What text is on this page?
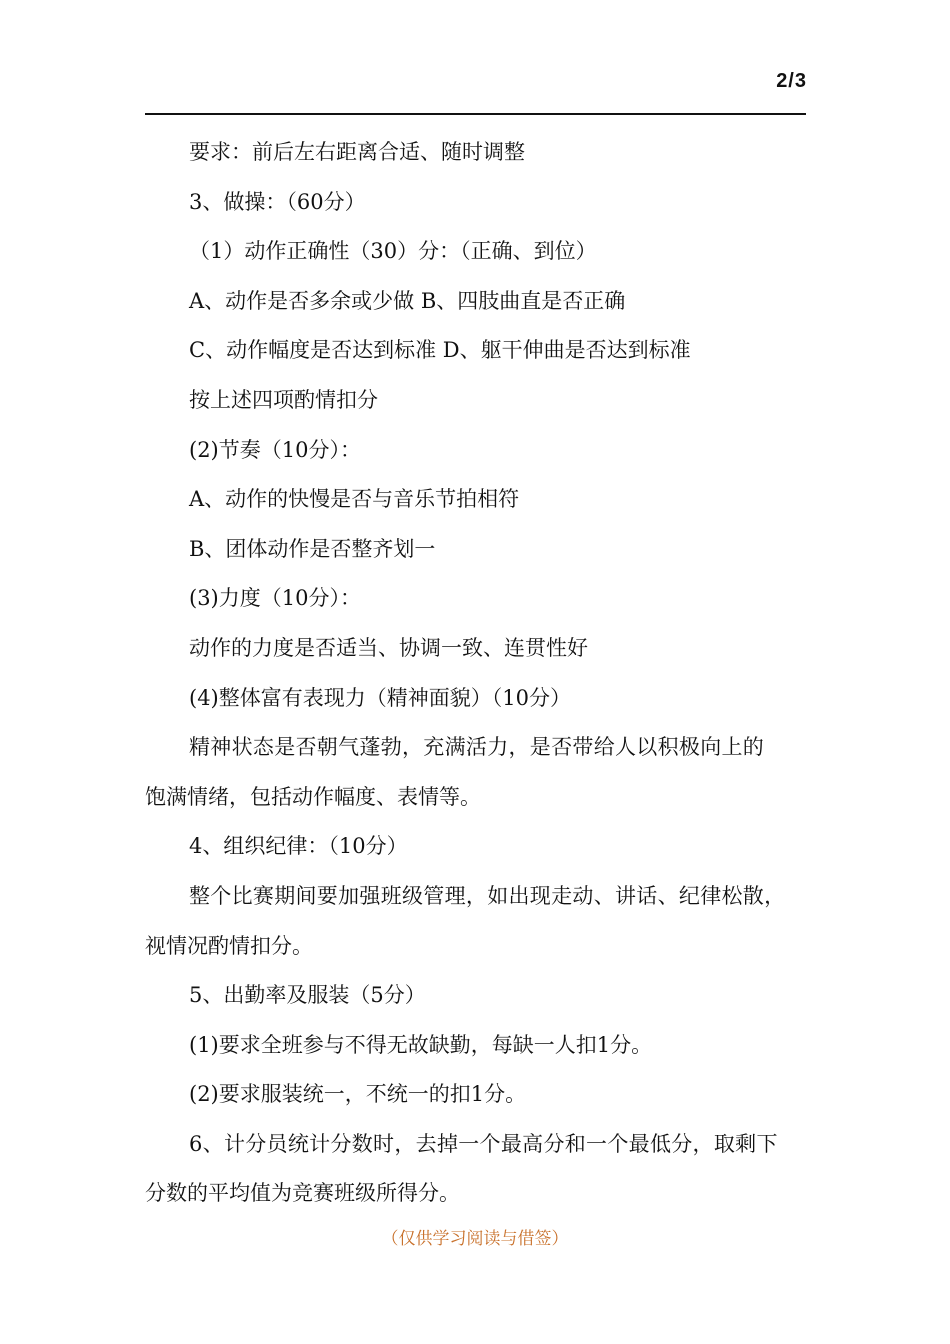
2/3
要求：前后左右距离合适、随时调整
3、做操：（60分）
（1）动作正确性（30）分：（正确、到位）
A、动作是否多余或少做 B、四肢曲直是否正确
C、动作幅度是否达到标准 D、躯干伸曲是否达到标准
按上述四项酌情扣分
(2)节奏（10分）：
A、动作的快慢是否与音乐节拍相符
B、团体动作是否整齐划一
(3)力度（10分）：
动作的力度是否适当、协调一致、连贯性好
(4)整体富有表现力（精神面貌）（10分）
精神状态是否朝气蓬勃，充满活力，是否带给人以积极向上的
饱满情绪，包括动作幅度、表情等。
4、组织纪律：（10分）
整个比赛期间要加强班级管理，如出现走动、讲话、纪律松散，
视情况酌情扣分。
5、出勤率及服装（5分）
(1)要求全班参与不得无故缺勤，每缺一人扣1分。
(2)要求服装统一，不统一的扣1分。
6、计分员统计分数时，去掉一个最高分和一个最低分，取剩下
分数的平均值为竞赛班级所得分。
（仅供学习阅读与借签）
